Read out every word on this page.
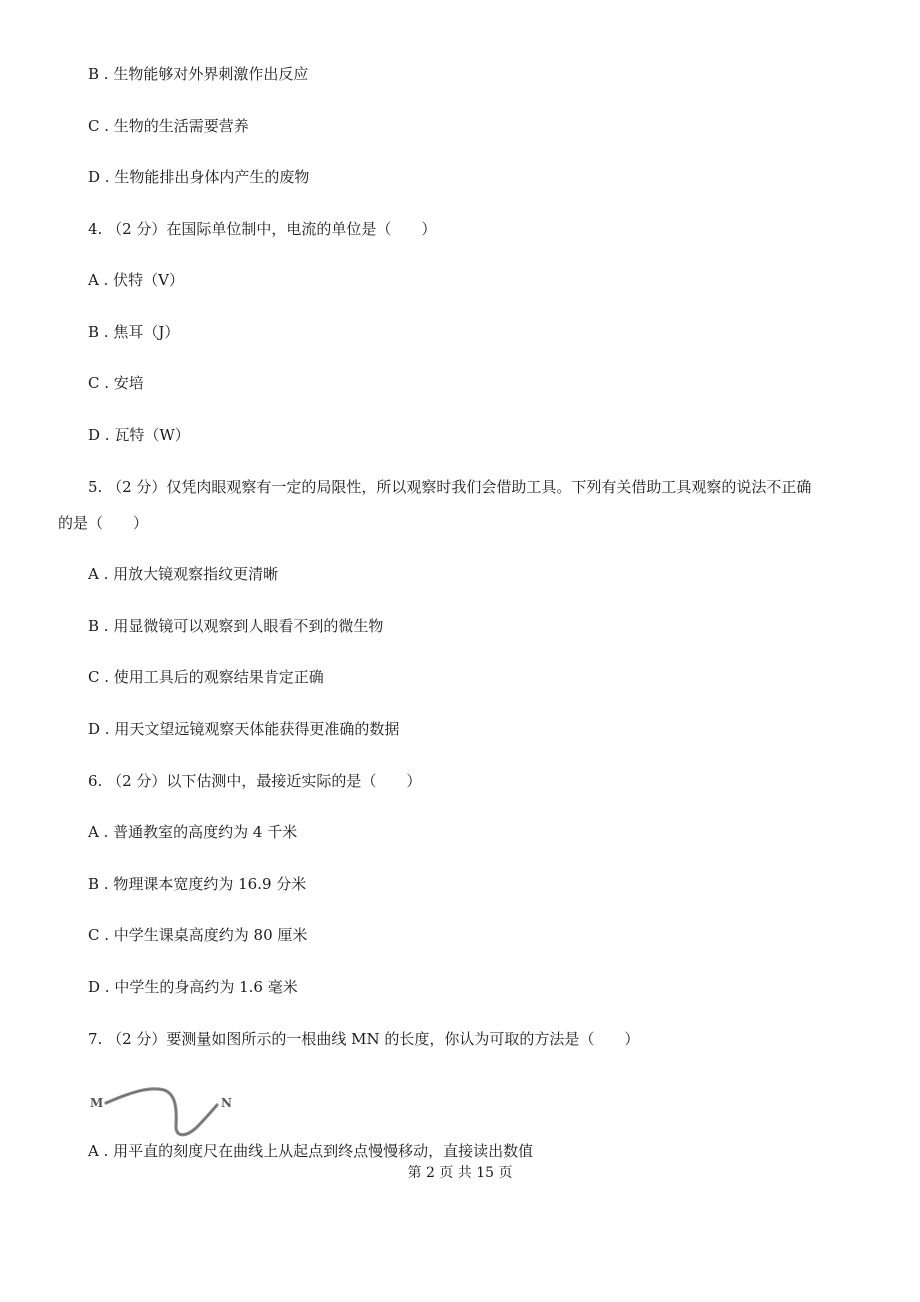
B . 生物能够对外界刺激作出反应
C . 生物的生活需要营养
D . 生物能排出身体内产生的废物
4. （2 分）在国际单位制中，电流的单位是（　　）
A . 伏特（V）
B . 焦耳（J）
C . 安培
D . 瓦特（W）
5. （2 分）仅凭肉眼观察有一定的局限性，所以观察时我们会借助工具。下列有关借助工具观察的说法不正确
的是（　　）
A . 用放大镜观察指纹更清晰
B . 用显微镜可以观察到人眼看不到的微生物
C . 使用工具后的观察结果肯定正确
D . 用天文望远镜观察天体能获得更准确的数据
6. （2 分）以下估测中，最接近实际的是（　　）
A . 普通教室的高度约为 4 千米
B . 物理课本宽度约为 16.9 分米
C . 中学生课桌高度约为 80 厘米
D . 中学生的身高约为 1.6 毫米
7. （2 分）要测量如图所示的一根曲线 MN 的长度，你认为可取的方法是（　　）
M	N
A . 用平直的刻度尺在曲线上从起点到终点慢慢移动，直接读出数值
第 2 页 共 15 页
